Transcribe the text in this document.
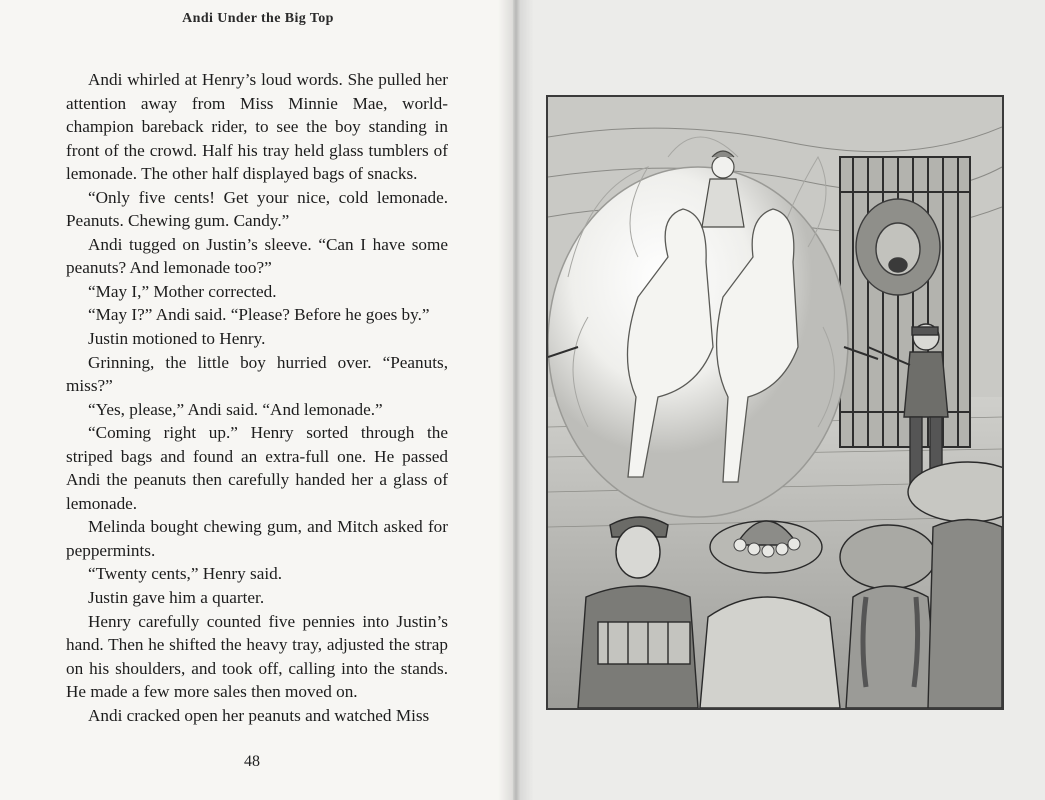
Andi Under the Big Top

Andi whirled at Henry’s loud words. She pulled her attention away from Miss Minnie Mae, world-champion bareback rider, to see the boy standing in front of the crowd. Half his tray held glass tumblers of lemonade. The other half displayed bags of snacks.

“Only five cents! Get your nice, cold lemonade. Peanuts. Chewing gum. Candy.”

Andi tugged on Justin’s sleeve. “Can I have some peanuts? And lemonade too?”

“May I,” Mother corrected.

“May I?” Andi said. “Please? Before he goes by.”

Justin motioned to Henry.

Grinning, the little boy hurried over. “Peanuts, miss?”

“Yes, please,” Andi said. “And lemonade.”

“Coming right up.” Henry sorted through the striped bags and found an extra-full one. He passed Andi the peanuts then carefully handed her a glass of lemonade.

Melinda bought chewing gum, and Mitch asked for peppermints.

“Twenty cents,” Henry said.

Justin gave him a quarter.

Henry carefully counted five pennies into Justin’s hand. Then he shifted the heavy tray, adjusted the strap on his shoulders, and took off, calling into the stands. He made a few more sales then moved on.

Andi cracked open her peanuts and watched Miss

48
